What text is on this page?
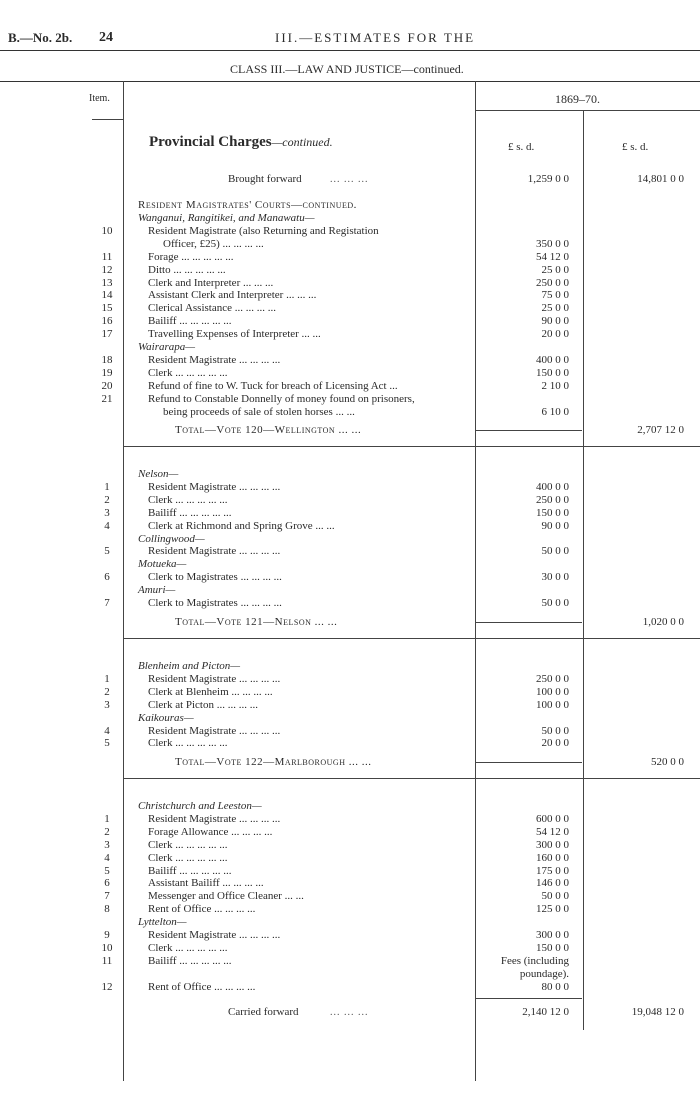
B.—No. 2b. 24	III.—ESTIMATES FOR THE
CLASS III.—LAW AND JUSTICE—continued.
Item.	1869–70.
Provincial Charges—continued.	£ s. d.	£ s. d.
Brought forward	... ... ...	1,259 0 0	14,801 0 0
Resident Magistrates' Courts—continued.
Wanganui, Rangitikei, and Manawatu—
10	Resident Magistrate (also Returning and Registation
Officer, £25) ... ... ... ...	350 0 0
11	Forage ... ... ... ... ...	54 12 0
12	Ditto ... ... ... ... ...	25 0 0
13	Clerk and Interpreter ... ... ...	250 0 0
14	Assistant Clerk and Interpreter ... ... ...	75 0 0
15	Clerical Assistance ... ... ... ...	25 0 0
16	Bailiff ... ... ... ... ...	90 0 0
17	Travelling Expenses of Interpreter ... ...	20 0 0
Wairarapa—
18	Resident Magistrate ... ... ... ...	400 0 0
19	Clerk ... ... ... ... ...	150 0 0
20	Refund of fine to W. Tuck for breach of Licensing Act ...	2 10 0
21	Refund to Constable Donnelly of money found on prisoners,
being proceeds of sale of stolen horses ... ...	6 10 0
Total—Vote 120—Wellington ... ...	2,707 12 0
Nelson—
1	Resident Magistrate ... ... ... ...	400 0 0
2	Clerk ... ... ... ... ...	250 0 0
3	Bailiff ... ... ... ... ...	150 0 0
4	Clerk at Richmond and Spring Grove ... ...	90 0 0
Collingwood—
5	Resident Magistrate ... ... ... ...	50 0 0
Motueka—
6	Clerk to Magistrates ... ... ... ...	30 0 0
Amuri—
7	Clerk to Magistrates ... ... ... ...	50 0 0
Total—Vote 121—Nelson ... ...	1,020 0 0
Blenheim and Picton—
1	Resident Magistrate ... ... ... ...	250 0 0
2	Clerk at Blenheim ... ... ... ...	100 0 0
3	Clerk at Picton ... ... ... ...	100 0 0
Kaikouras—
4	Resident Magistrate ... ... ... ...	50 0 0
5	Clerk ... ... ... ... ...	20 0 0
Total—Vote 122—Marlborough ... ...	520 0 0
Christchurch and Leeston—
1	Resident Magistrate ... ... ... ...	600 0 0
2	Forage Allowance ... ... ... ...	54 12 0
3	Clerk ... ... ... ... ...	300 0 0
4	Clerk ... ... ... ... ...	160 0 0
5	Bailiff ... ... ... ... ...	175 0 0
6	Assistant Bailiff ... ... ... ...	146 0 0
7	Messenger and Office Cleaner ... ...	50 0 0
8	Rent of Office ... ... ... ...	125 0 0
Lyttelton—
9	Resident Magistrate ... ... ... ...	300 0 0
10	Clerk ... ... ... ... ...	150 0 0
11	Bailiff ... ... ... ... ...	Fees (including
poundage).
12	Rent of Office ... ... ... ...	80 0 0
Carried forward	... ... ...	2,140 12 0	19,048 12 0
